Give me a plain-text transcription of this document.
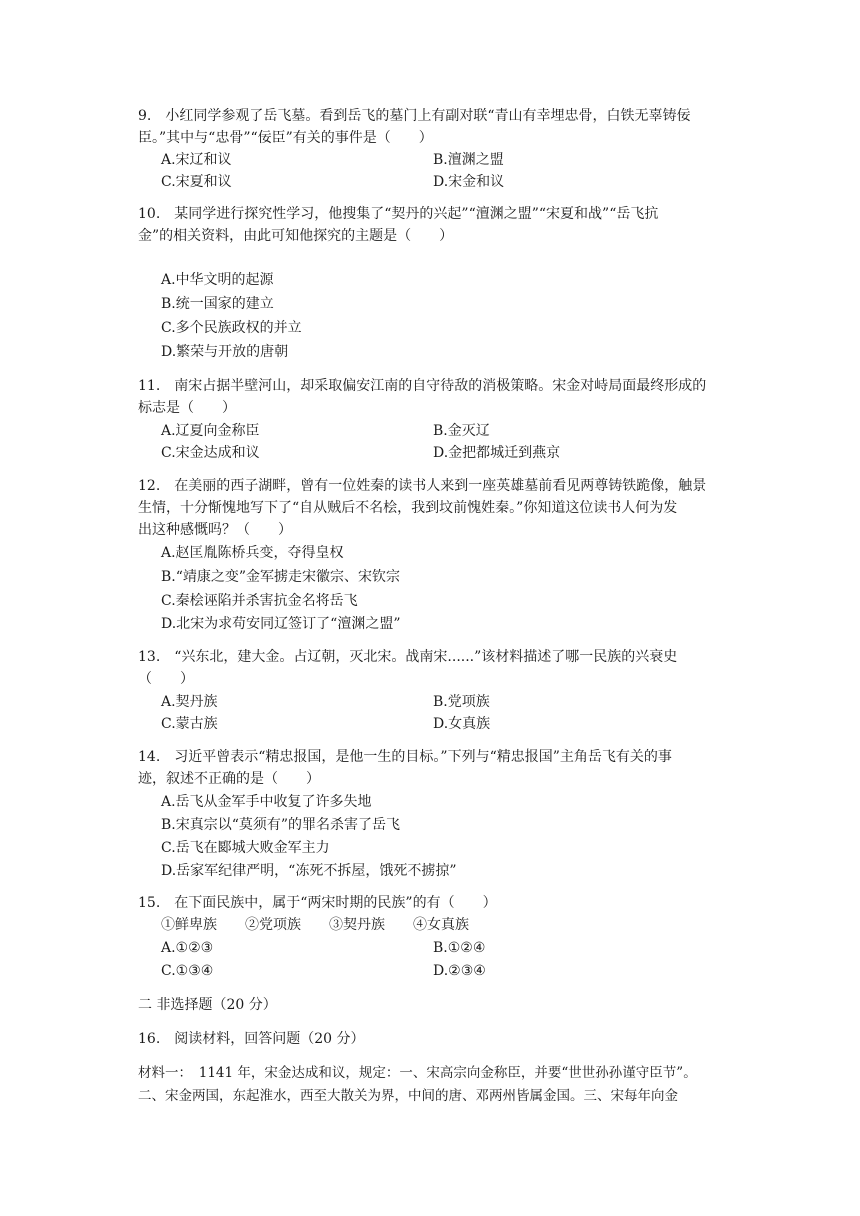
9.　小红同学参观了岳飞墓。看到岳飞的墓门上有副对联“青山有幸埋忠骨，白铁无辜铸佞
臣。”其中与“忠骨”“佞臣”有关的事件是（　　）
A.宋辽和议	B.澶渊之盟
C.宋夏和议	D.宋金和议
10.　某同学进行探究性学习，他搜集了“契丹的兴起”“澶渊之盟”“宋夏和战”“岳飞抗
金”的相关资料，由此可知他探究的主题是（　　）
A.中华文明的起源
B.统一国家的建立
C.多个民族政权的并立
D.繁荣与开放的唐朝
11.　南宋占据半壁河山，却采取偏安江南的自守待敌的消极策略。宋金对峙局面最终形成的
标志是（　　）
A.辽夏向金称臣	B.金灭辽
C.宋金达成和议	D.金把都城迁到燕京
12.　在美丽的西子湖畔，曾有一位姓秦的读书人来到一座英雄墓前看见两尊铸铁跪像，触景
生情，十分惭愧地写下了“自从贼后不名桧，我到坟前愧姓秦。”你知道这位读书人何为发
出这种感慨吗？（　　）
A.赵匡胤陈桥兵变，夺得皇权
B.“靖康之变”金军掳走宋徽宗、宋钦宗
C.秦桧诬陷并杀害抗金名将岳飞
D.北宋为求苟安同辽签订了“澶渊之盟”
13.　“兴东北，建大金。占辽朝，灭北宋。战南宋......”该材料描述了哪一民族的兴衰史
（　　）
A.契丹族	B.党项族
C.蒙古族	D.女真族
14.　习近平曾表示“精忠报国，是他一生的目标。”下列与“精忠报国”主角岳飞有关的事
迹，叙述不正确的是（　　）
A.岳飞从金军手中收复了许多失地
B.宋真宗以“莫须有”的罪名杀害了岳飞
C.岳飞在郾城大败金军主力
D.岳家军纪律严明，“冻死不拆屋，饿死不掳掠”
15.　在下面民族中，属于“两宋时期的民族”的有（　　）
①鲜卑族　　②党项族　　③契丹族　　④女真族
A.①②③	B.①②④
C.①③④	D.②③④
二 非选择题（20 分）
16.　阅读材料，回答问题（20 分）
材料一：　1141 年，宋金达成和议，规定：一、宋高宗向金称臣，并要“世世孙孙谨守臣节”。
二、宋金两国，东起淮水，西至大散关为界，中间的唐、邓两州皆属金国。三、宋每年向金
